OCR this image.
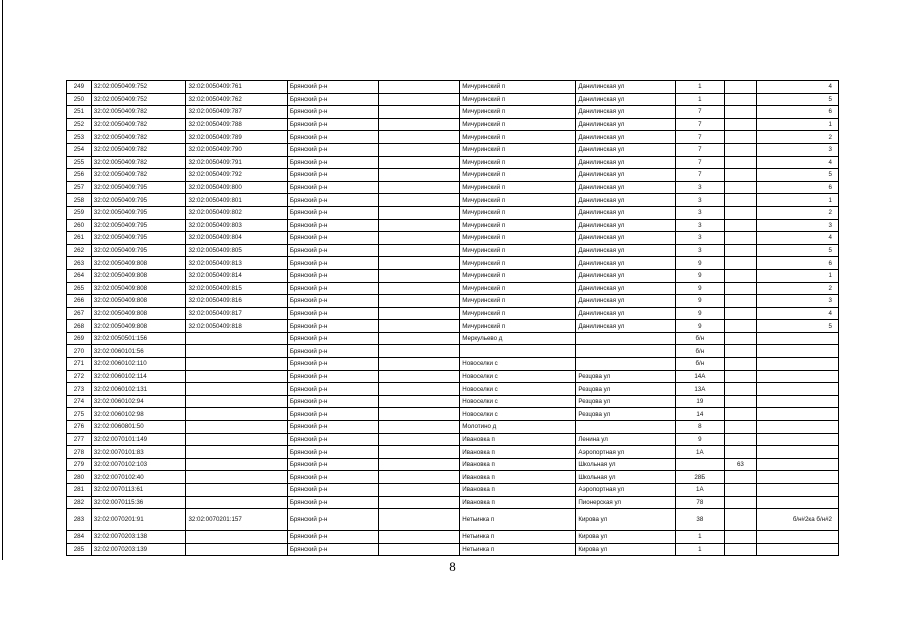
249	32:02:0050409:752	32:02:0050409:761	Брянский р-н		Мичуринский п	Данилинская ул	1		4
250	32:02:0050409:752	32:02:0050409:762	Брянский р-н		Мичуринский п	Данилинская ул	1		5
251	32:02:0050409:782	32:02:0050409:787	Брянский р-н		Мичуринский п	Данилинская ул	7		6
252	32:02:0050409:782	32:02:0050409:788	Брянский р-н		Мичуринский п	Данилинская ул	7		1
253	32:02:0050409:782	32:02:0050409:789	Брянский р-н		Мичуринский п	Данилинская ул	7		2
254	32:02:0050409:782	32:02:0050409:790	Брянский р-н		Мичуринский п	Данилинская ул	7		3
255	32:02:0050409:782	32:02:0050409:791	Брянский р-н		Мичуринский п	Данилинская ул	7		4
256	32:02:0050409:782	32:02:0050409:792	Брянский р-н		Мичуринский п	Данилинская ул	7		5
257	32:02:0050409:795	32:02:0050409:800	Брянский р-н		Мичуринский п	Данилинская ул	3		6
258	32:02:0050409:795	32:02:0050409:801	Брянский р-н		Мичуринский п	Данилинская ул	3		1
259	32:02:0050409:795	32:02:0050409:802	Брянский р-н		Мичуринский п	Данилинская ул	3		2
260	32:02:0050409:795	32:02:0050409:803	Брянский р-н		Мичуринский п	Данилинская ул	3		3
261	32:02:0050409:795	32:02:0050409:804	Брянский р-н		Мичуринский п	Данилинская ул	3		4
262	32:02:0050409:795	32:02:0050409:805	Брянский р-н		Мичуринский п	Данилинская ул	3		5
263	32:02:0050409:808	32:02:0050409:813	Брянский р-н		Мичуринский п	Данилинская ул	9		6
264	32:02:0050409:808	32:02:0050409:814	Брянский р-н		Мичуринский п	Данилинская ул	9		1
265	32:02:0050409:808	32:02:0050409:815	Брянский р-н		Мичуринский п	Данилинская ул	9		2
266	32:02:0050409:808	32:02:0050409:816	Брянский р-н		Мичуринский п	Данилинская ул	9		3
267	32:02:0050409:808	32:02:0050409:817	Брянский р-н		Мичуринский п	Данилинская ул	9		4
268	32:02:0050409:808	32:02:0050409:818	Брянский р-н		Мичуринский п	Данилинская ул	9		5
269	32:02:0050501:156		Брянский р-н		Меркульево д		б/н		
270	32:02:0060101:56		Брянский р-н				б/н		
271	32:02:0060102:110		Брянский р-н		Новоселки с		б/н		
272	32:02:0060102:114		Брянский р-н		Новоселки с	Резцова ул	14А		
273	32:02:0060102:131		Брянский р-н		Новоселки с	Резцова ул	13А		
274	32:02:0060102:94		Брянский р-н		Новоселки с	Резцова ул	19		
275	32:02:0060102:98		Брянский р-н		Новоселки с	Резцова ул	14		
276	32:02:0060801:50		Брянский р-н		Молотино д		8		
277	32:02:0070101:149		Брянский р-н		Ивановка п	Ленина ул	9		
278	32:02:0070101:83		Брянский р-н		Ивановка п	Аэропортная ул	1А		
279	32:02:0070102:103		Брянский р-н		Ивановка п	Школьная ул		63	
280	32:02:0070102:40		Брянский р-н		Ивановка п	Школьная ул	28Б		
281	32:02:0070113:61		Брянский р-н		Ивановка п	Аэропортная ул	1А		
282	32:02:0070115:36		Брянский р-н		Ивановка п	Пионерская ул	78		
283	32:02:0070201:91	32:02:0070201:157	Брянский р-н		Нетьинка п	Кирова ул	38		б/н#2ка б/н#2
284	32:02:0070203:138		Брянский р-н		Нетьинка п	Кирова ул	1		
285	32:02:0070203:139		Брянский р-н		Нетьинка п	Кирова ул	1		
8
